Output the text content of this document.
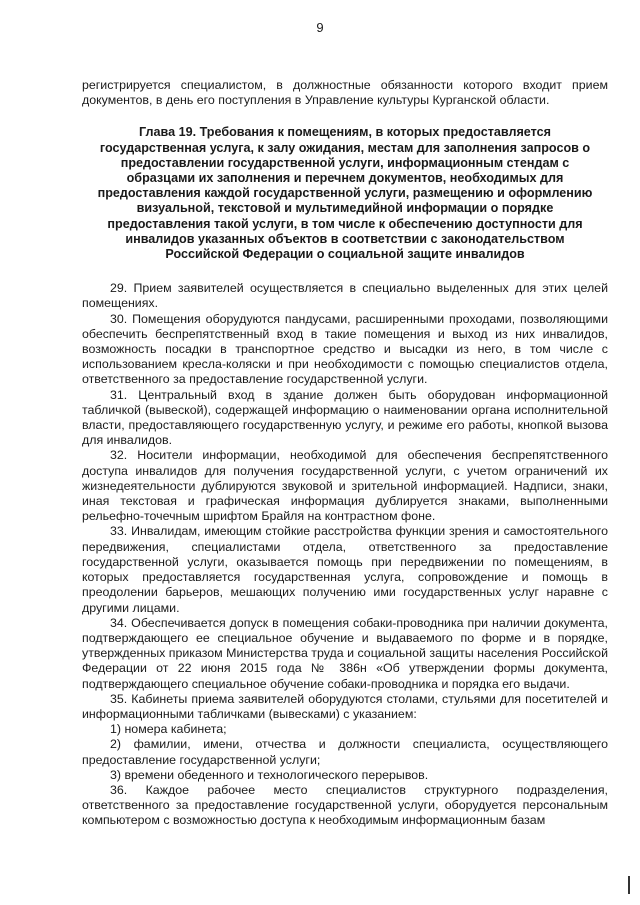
9

регистрируется специалистом, в должностные обязанности которого входит прием документов, в день его поступления в Управление культуры Курганской области.

Глава 19. Требования к помещениям, в которых предоставляется государственная услуга, к залу ожидания, местам для заполнения запросов о предоставлении государственной услуги, информационным стендам с образцами их заполнения и перечнем документов, необходимых для предоставления каждой государственной услуги, размещению и оформлению визуальной, текстовой и мультимедийной информации о порядке предоставления такой услуги, в том числе к обеспечению доступности для инвалидов указанных объектов в соответствии с законодательством Российской Федерации о социальной защите инвалидов

29. Прием заявителей осуществляется в специально выделенных для этих целей помещениях.

30. Помещения оборудуются пандусами, расширенными проходами, позволяющими обеспечить беспрепятственный вход в такие помещения и выход из них инвалидов, возможность посадки в транспортное средство и высадки из него, в том числе с использованием кресла-коляски и при необходимости с помощью специалистов отдела, ответственного за предоставление государственной услуги.

31. Центральный вход в здание должен быть оборудован информационной табличкой (вывеской), содержащей информацию о наименовании органа исполнительной власти, предоставляющего государственную услугу, и режиме его работы, кнопкой вызова для инвалидов.

32. Носители информации, необходимой для обеспечения беспрепятственного доступа инвалидов для получения государственной услуги, с учетом ограничений их жизнедеятельности дублируются звуковой и зрительной информацией. Надписи, знаки, иная текстовая и графическая информация дублируется знаками, выполненными рельефно-точечным шрифтом Брайля на контрастном фоне.

33. Инвалидам, имеющим стойкие расстройства функции зрения и самостоятельного передвижения, специалистами отдела, ответственного за предоставление государственной услуги, оказывается помощь при передвижении по помещениям, в которых предоставляется государственная услуга, сопровождение и помощь в преодолении барьеров, мешающих получению ими государственных услуг наравне с другими лицами.

34. Обеспечивается допуск в помещения собаки-проводника при наличии документа, подтверждающего ее специальное обучение и выдаваемого по форме и в порядке, утвержденных приказом Министерства труда и социальной защиты населения Российской Федерации от 22 июня 2015 года № 386н «Об утверждении формы документа, подтверждающего специальное обучение собаки-проводника и порядка его выдачи.

35. Кабинеты приема заявителей оборудуются столами, стульями для посетителей и информационными табличками (вывесками) с указанием:

1) номера кабинета;

2) фамилии, имени, отчества и должности специалиста, осуществляющего предоставление государственной услуги;

3) времени обеденного и технологического перерывов.

36. Каждое рабочее место специалистов структурного подразделения, ответственного за предоставление государственной услуги, оборудуется персональным компьютером с возможностью доступа к необходимым информационным базам
